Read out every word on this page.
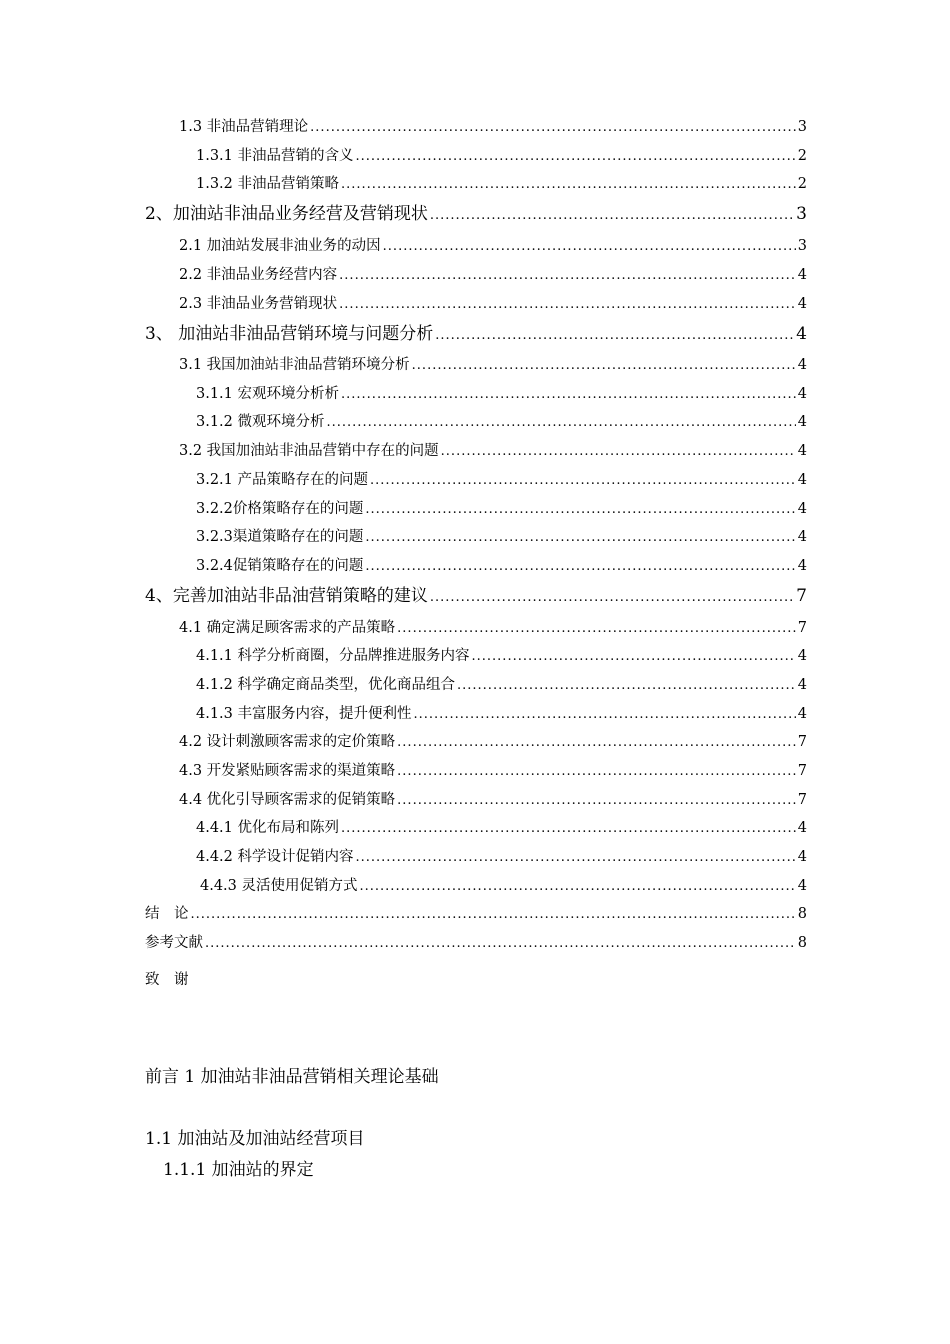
1.3 非油品营销理论 .....	3
1.3.1 非油品营销的含义 .....	2
1.3.2 非油品营销策略 .....	2
2、加油站非油品业务经营及营销现状 .....	3
2.1 加油站发展非油业务的动因 .....	3
2.2 非油品业务经营内容 .....	4
2.3 非油品业务营销现状 .....	4
3、 加油站非油品营销环境与问题分析 .....	4
3.1 我国加油站非油品营销环境分析 .....	4
3.1.1 宏观环境分析析 .....	4
3.1.2 微观环境分析 .....	4
3.2 我国加油站非油品营销中存在的问题 .....	4
3.2.1 产品策略存在的问题 .....	4
3.2.2价格策略存在的问题 .....	4
3.2.3渠道策略存在的问题 .....	4
3.2.4促销策略存在的问题 .....	4
4、完善加油站非品油营销策略的建议 .....	7
4.1 确定满足顾客需求的产品策略 .....	7
4.1.1 科学分析商圈，分品牌推进服务内容 .....	4
4.1.2 科学确定商品类型，优化商品组合 .....	4
4.1.3 丰富服务内容，提升便利性 .....	4
4.2 设计刺激顾客需求的定价策略 .....	7
4.3 开发紧贴顾客需求的渠道策略 .....	7
4.4 优化引导顾客需求的促销策略 .....	7
4.4.1 优化布局和陈列 .....	4
4.4.2 科学设计促销内容 .....	4
4.4.3 灵活使用促销方式 .....	4
结　论 .....	8
参考文献 .....	8
致　谢
前言 1 加油站非油品营销相关理论基础
1.1 加油站及加油站经营项目
1.1.1 加油站的界定
